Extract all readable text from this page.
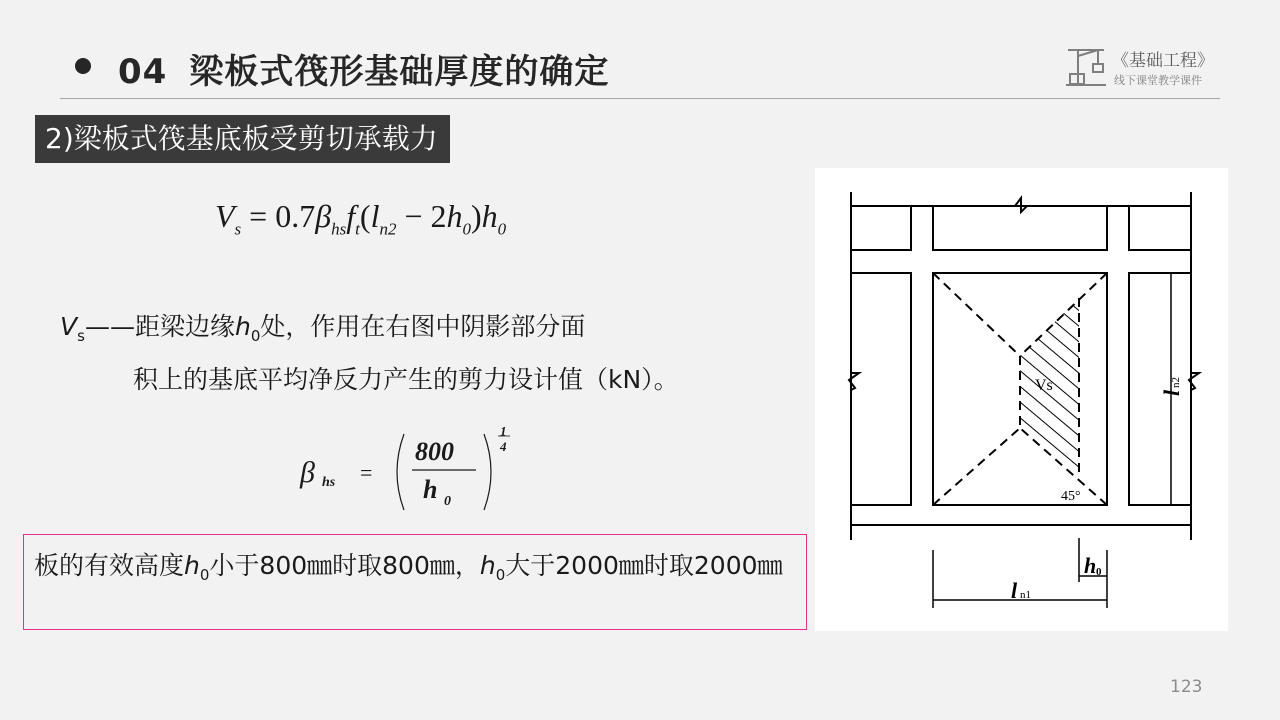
04 梁板式筏形基础厚度的确定	《基础工程》
线下课堂教学课件
2)梁板式筏基底板受剪切承载力
$V_s = 0.7\beta_{hs}f_t(l_{n2} - 2h_0)h_0$
$V_s——$距梁边缘$h_0$处，作用在右图中阴影部分面
积上的基底平均净反力产生的剪力设计值（kN）。
β hs =
800
h 0
1
4
板的有效高度$h_0$小于800㎜时取800㎜，$h_0$大于2000㎜时取2000㎜
Vs
45°
l
n2
l n1
h 0
123
